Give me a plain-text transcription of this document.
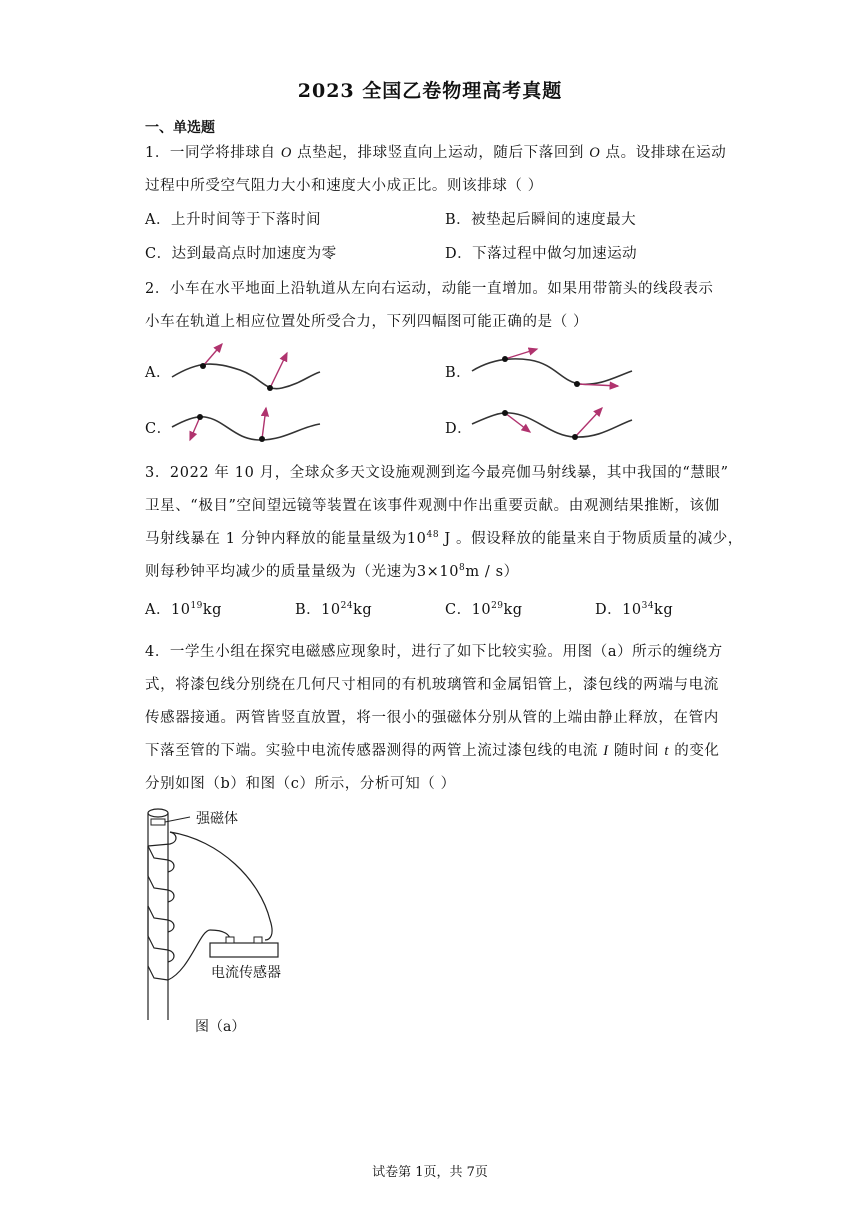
2023 全国乙卷物理高考真题
一、单选题
1．一同学将排球自 O 点垫起，排球竖直向上运动，随后下落回到 O 点。设排球在运动
过程中所受空气阻力大小和速度大小成正比。则该排球（ ）
A．上升时间等于下落时间	B．被垫起后瞬间的速度最大
C．达到最高点时加速度为零	D．下落过程中做匀加速运动
2．小车在水平地面上沿轨道从左向右运动，动能一直增加。如果用带箭头的线段表示
小车在轨道上相应位置处所受合力，下列四幅图可能正确的是（ ）
A．	B．
C．	D．
3．2022 年 10 月，全球众多天文设施观测到迄今最亮伽马射线暴，其中我国的“慧眼”
卫星、“极目”空间望远镜等装置在该事件观测中作出重要贡献。由观测结果推断，该伽
马射线暴在 1 分钟内释放的能量量级为$10^{48}$ J 。假设释放的能量来自于物质质量的减少，
则每秒钟平均减少的质量量级为（光速为$3\times 10^8m / s$）
A．$10^{19}kg$	B．$10^{24}kg$	C．$10^{29}kg$	D．$10^{34}kg$
4．一学生小组在探究电磁感应现象时，进行了如下比较实验。用图（a）所示的缠绕方
式，将漆包线分别绕在几何尺寸相同的有机玻璃管和金属铝管上，漆包线的两端与电流
传感器接通。两管皆竖直放置，将一很小的强磁体分别从管的上端由静止释放，在管内
下落至管的下端。实验中电流传感器测得的两管上流过漆包线的电流 I 随时间 t 的变化
分别如图（b）和图（c）所示，分析可知（ ）
强磁体
电流传感器
图（a）
试卷第 1页，共 7页
